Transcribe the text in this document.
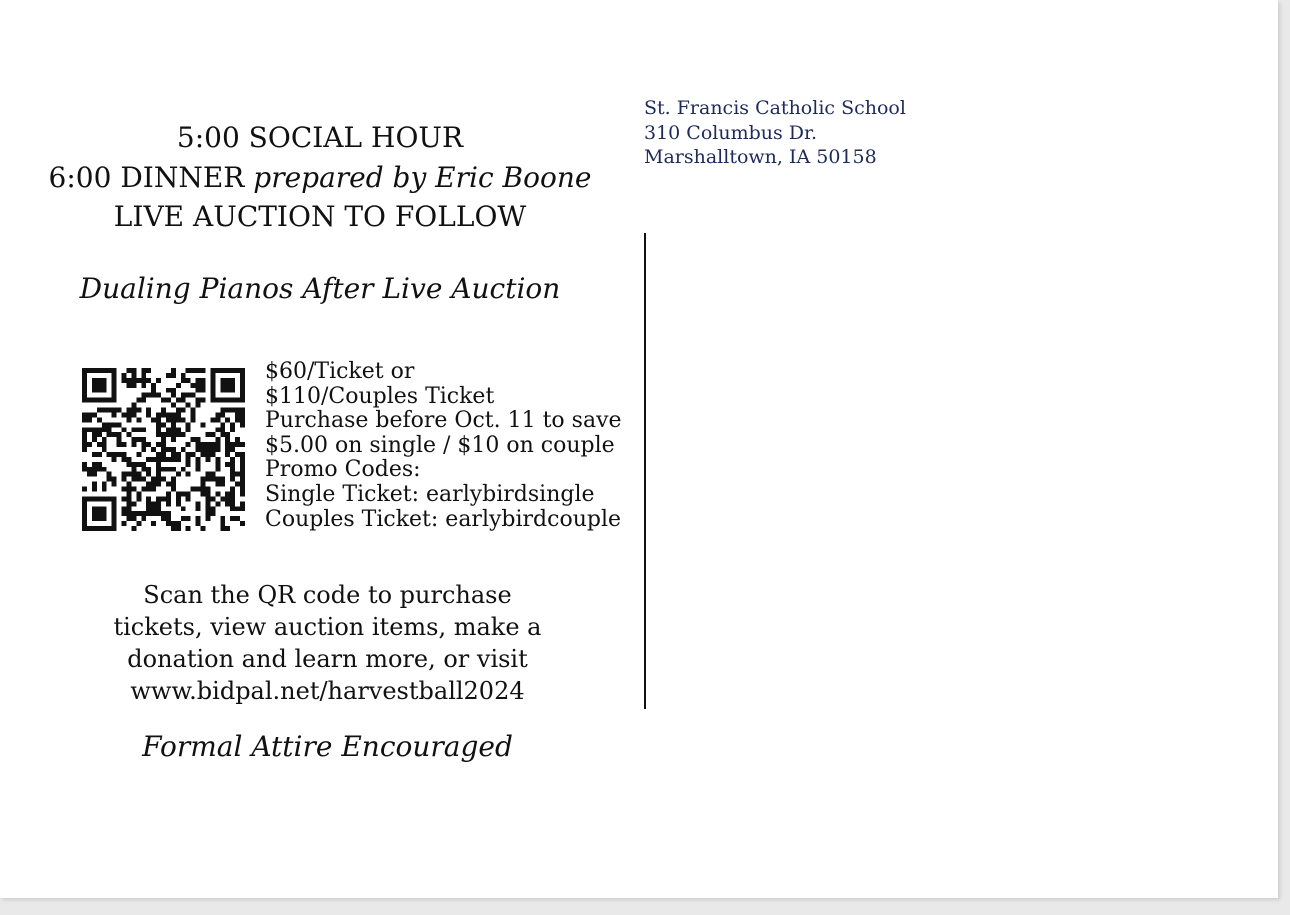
5:00 SOCIAL HOUR
6:00 DINNER prepared by Eric Boone
LIVE AUCTION TO FOLLOW
Dualing Pianos After Live Auction
$60/Ticket or
$110/Couples Ticket
Purchase before Oct. 11 to save
$5.00 on single / $10 on couple
Promo Codes:
Single Ticket: earlybirdsingle
Couples Ticket: earlybirdcouple
Scan the QR code to purchase
tickets, view auction items, make a
donation and learn more, or visit
www.bidpal.net/harvestball2024
Formal Attire Encouraged
St. Francis Catholic School
310 Columbus Dr.
Marshalltown, IA 50158
